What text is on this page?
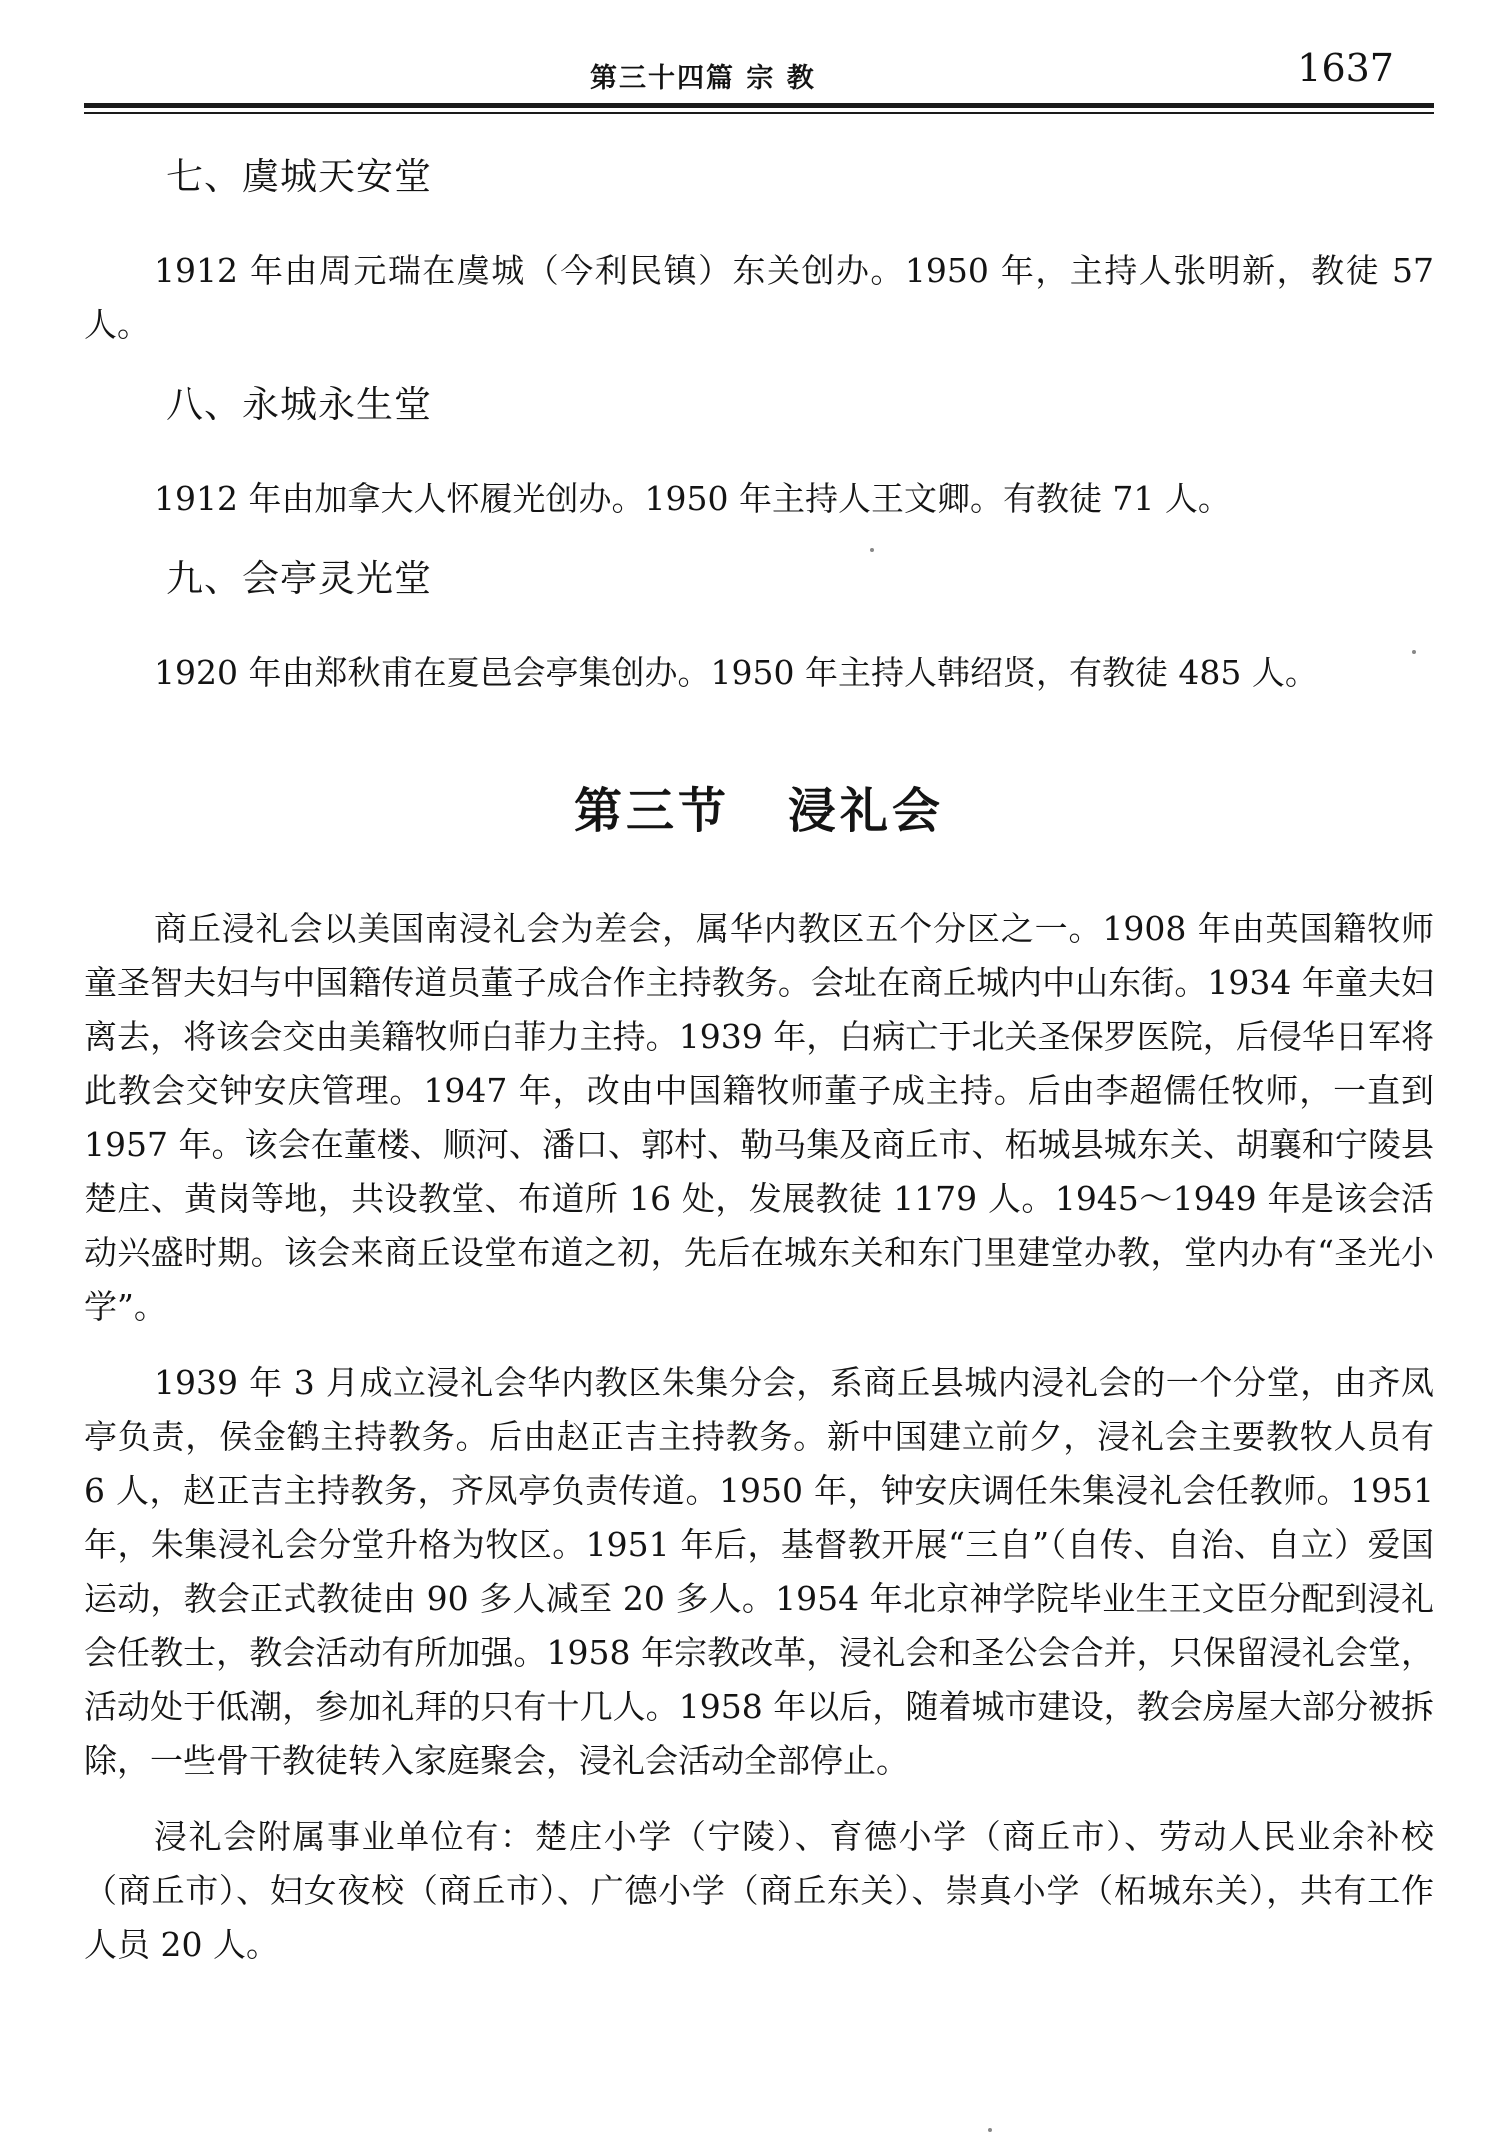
第三十四篇 宗 教	1637

七、虞城天安堂

1912 年由周元瑞在虞城（今利民镇）东关创办。1950 年，主持人张明新，教徒 57 人。

八、永城永生堂

1912 年由加拿大人怀履光创办。1950 年主持人王文卿。有教徒 71 人。

九、会亭灵光堂

1920 年由郑秋甫在夏邑会亭集创办。1950 年主持人韩绍贤，有教徒 485 人。

第三节 浸礼会

商丘浸礼会以美国南浸礼会为差会，属华内教区五个分区之一。1908 年由英国籍牧师童圣智夫妇与中国籍传道员董子成合作主持教务。会址在商丘城内中山东街。1934 年童夫妇离去，将该会交由美籍牧师白菲力主持。1939 年，白病亡于北关圣保罗医院，后侵华日军将此教会交钟安庆管理。1947 年，改由中国籍牧师董子成主持。后由李超儒任牧师，一直到 1957 年。该会在董楼、顺河、潘口、郭村、勒马集及商丘市、柘城县城东关、胡襄和宁陵县楚庄、黄岗等地，共设教堂、布道所 16 处，发展教徒 1179 人。1945～1949 年是该会活动兴盛时期。该会来商丘设堂布道之初，先后在城东关和东门里建堂办教，堂内办有“圣光小学”。

1939 年 3 月成立浸礼会华内教区朱集分会，系商丘县城内浸礼会的一个分堂，由齐凤亭负责，侯金鹤主持教务。后由赵正吉主持教务。新中国建立前夕，浸礼会主要教牧人员有 6 人，赵正吉主持教务，齐凤亭负责传道。1950 年，钟安庆调任朱集浸礼会任教师。1951 年，朱集浸礼会分堂升格为牧区。1951 年后，基督教开展“三自”（自传、自治、自立）爱国运动，教会正式教徒由 90 多人减至 20 多人。1954 年北京神学院毕业生王文臣分配到浸礼会任教士，教会活动有所加强。1958 年宗教改革，浸礼会和圣公会合并，只保留浸礼会堂，活动处于低潮，参加礼拜的只有十几人。1958 年以后，随着城市建设，教会房屋大部分被拆除，一些骨干教徒转入家庭聚会，浸礼会活动全部停止。

浸礼会附属事业单位有：楚庄小学（宁陵）、育德小学（商丘市）、劳动人民业余补校（商丘市）、妇女夜校（商丘市）、广德小学（商丘东关）、崇真小学（柘城东关），共有工作人员 20 人。
